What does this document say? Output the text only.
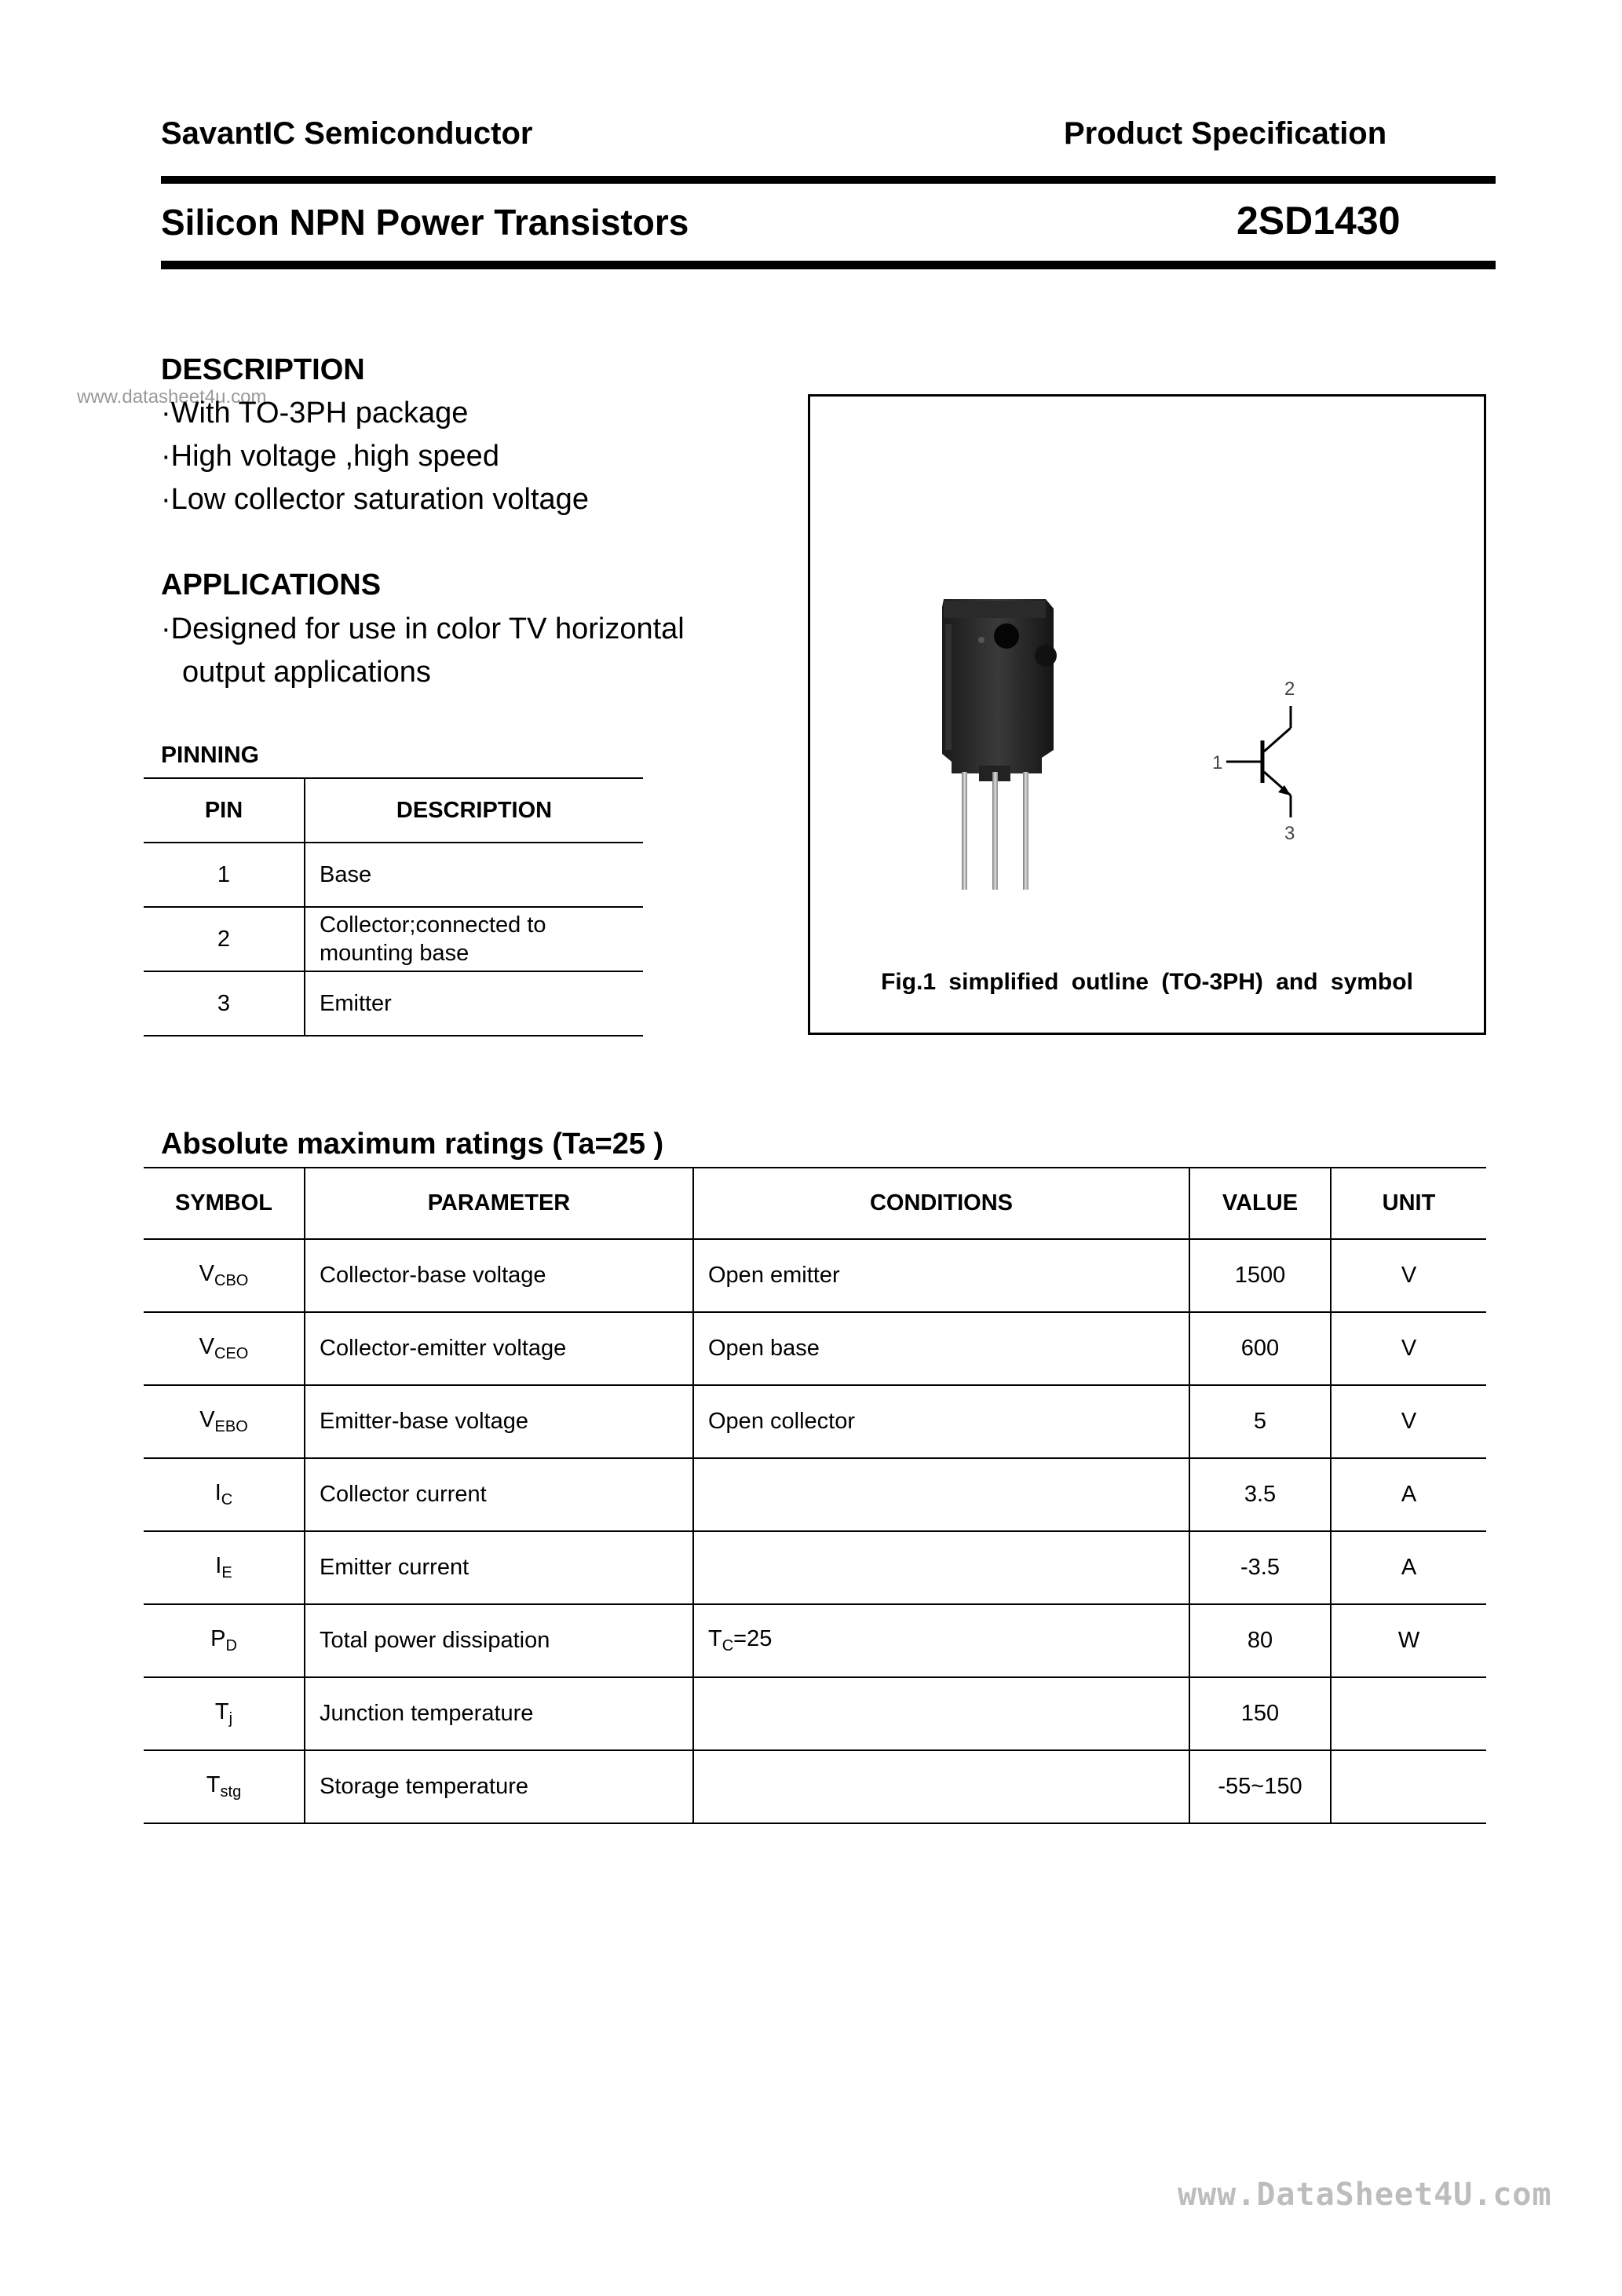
SavantIC Semiconductor	Product Specification
Silicon NPN Power Transistors	2SD1430
www.datasheet4u.com
DESCRIPTION
·With TO-3PH package
·High voltage ,high speed
·Low collector saturation voltage
APPLICATIONS
·Designed for use in color TV horizontal
output applications
PINNING
PIN	DESCRIPTION
1	Base
2	Collector;connected to mounting base
3	Emitter
1
2
3
Fig.1 simplified outline (TO-3PH) and symbol
Absolute maximum ratings (Ta=25 )
SYMBOL	PARAMETER	CONDITIONS	VALUE	UNIT
$V_{CBO}$	Collector-base voltage	Open emitter	1500	V
$V_{CEO}$	Collector-emitter voltage	Open base	600	V
$V_{EBO}$	Emitter-base voltage	Open collector	5	V
$I_C$	Collector current		3.5	A
$I_E$	Emitter current		-3.5	A
$P_D$	Total power dissipation	$T_C=25$	80	W
$T_j$	Junction temperature		150	
$T_{stg}$	Storage temperature		-55~150	
www.DataSheet4U.com
